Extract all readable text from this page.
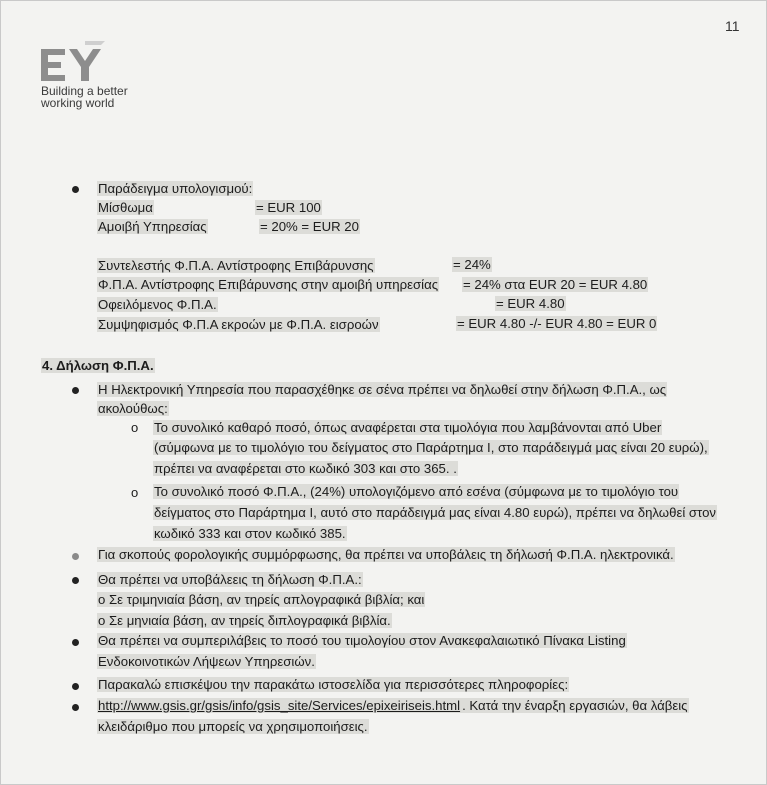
11
Building a better
working world
Παράδειγμα υπολογισμού:
Μίσθωμα	= EUR 100
Αμοιβή Υπηρεσίας	= 20% = EUR 20
Συντελεστής Φ.Π.Α. Αντίστροφης Επιβάρυνσης	= 24%
Φ.Π.Α. Αντίστροφης Επιβάρυνσης στην αμοιβή υπηρεσίας = 24% στα EUR 20 = EUR 4.80
Οφειλόμενος Φ.Π.Α.	= EUR 4.80
Συμψηφισμός Φ.Π.Α εκροών με Φ.Π.Α. εισροών	= EUR 4.80 -/- EUR 4.80 = EUR 0
4. Δήλωση Φ.Π.Α.
Η Ηλεκτρονική Υπηρεσία που παρασχέθηκε σε σένα πρέπει να δηλωθεί στην δήλωση Φ.Π.Α., ως
ακολούθως:
o Το συνολικό καθαρό ποσό, όπως αναφέρεται στα τιμολόγια που λαμβάνονται από Uber
(σύμφωνα με το τιμολόγιο του δείγματος στο Παράρτημα Ι, στο παράδειγμά μας είναι 20 ευρώ),
πρέπει να αναφέρεται στο κωδικό 303 και στο 365. .
o Το συνολικό ποσό Φ.Π.Α., (24%) υπολογιζόμενο από εσένα (σύμφωνα με το τιμολόγιο του
δείγματος στο Παράρτημα Ι, αυτό στο παράδειγμά μας είναι 4.80 ευρώ), πρέπει να δηλωθεί στον
κωδικό 333 και στον κωδικό 385.
Για σκοπούς φορολογικής συμμόρφωσης, θα πρέπει να υποβάλεις τη δήλωσή Φ.Π.Α. ηλεκτρονικά.
Θα πρέπει να υποβάλεεις τη δήλωση Φ.Π.Α.:
ο Σε τριμηνιαία βάση, αν τηρείς απλογραφικά βιβλία; και
ο Σε μηνιαία βάση, αν τηρείς διπλογραφικά βιβλία.
Θα πρέπει να συμπεριλάβεις το ποσό του τιμολογίου στον Ανακεφαλαιωτικό Πίνακα Listing
Ενδοκοινοτικών Λήψεων Υπηρεσιών.
Παρακαλώ επισκέψου την παρακάτω ιστοσελίδα για περισσότερες πληροφορίες:
http://www.gsis.gr/gsis/info/gsis_site/Services/epixeiriseis.html . Κατά την έναρξη εργασιών, θα λάβεις
κλειδάριθμο που μπορείς να χρησιμοποιήσεις.
